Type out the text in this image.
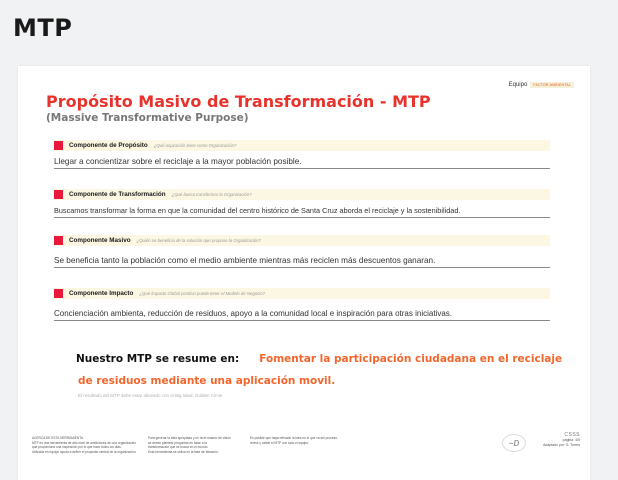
MTP
Equipo	FACTOR AMBIENTAL
Propósito Masivo de Transformación - MTP
(Massive Transformative Purpose)
Componente de Propósito ¿Qué aspiración tiene como Organización?
Llegar a concientizar sobre el reciclaje a la mayor población posible.
Componente de Transformación ¿Qué busca transformar la Organización?
Buscamos transformar la forma en que la comunidad del centro histórico de Santa Cruz aborda el reciclaje y la sostenibilidad.
Componente Masivo ¿Quién se beneficia de la solución que propone la Organización?
Se beneficia tanto la población como el medio ambiente mientras más reciclen más descuentos ganaran.
Componente Impacto ¿Qué impacto Global positivo puede tener el Modelo de Negocio?
Concienciación ambienta, reducción de residuos, apoyo a la comunidad local e inspiración para otras iniciativas.
Nuestro MTP se resume en: Fomentar la participación ciudadana en el reciclaje
de residuos mediante una aplicación movil.
El resultado del MTP debe estar alineado con el Big Ideal, Golden Circle
ACERCA DE ESTA HERRAMIENTA
MTP es una herramienta de alto nivel de ambiciones de una organización
que proporciona una inspiración por lo que hace todos los días.
Utilizada en equipo ayuda a definir el propósito central de la organización.
Para generar la idea apropiada y un nivel masivo de visión
se deben plantear preguntas en base a la
transformación que se busca en el mundo.
Esta herramienta se utiliza en la fase de Ideación.
Es posible que haya refinado la idea en lo que va del proceso,
revise y valide el MTP con todo el equipo.	~D
CSSS
página: 4/5
Adaptado por: S. Torres
